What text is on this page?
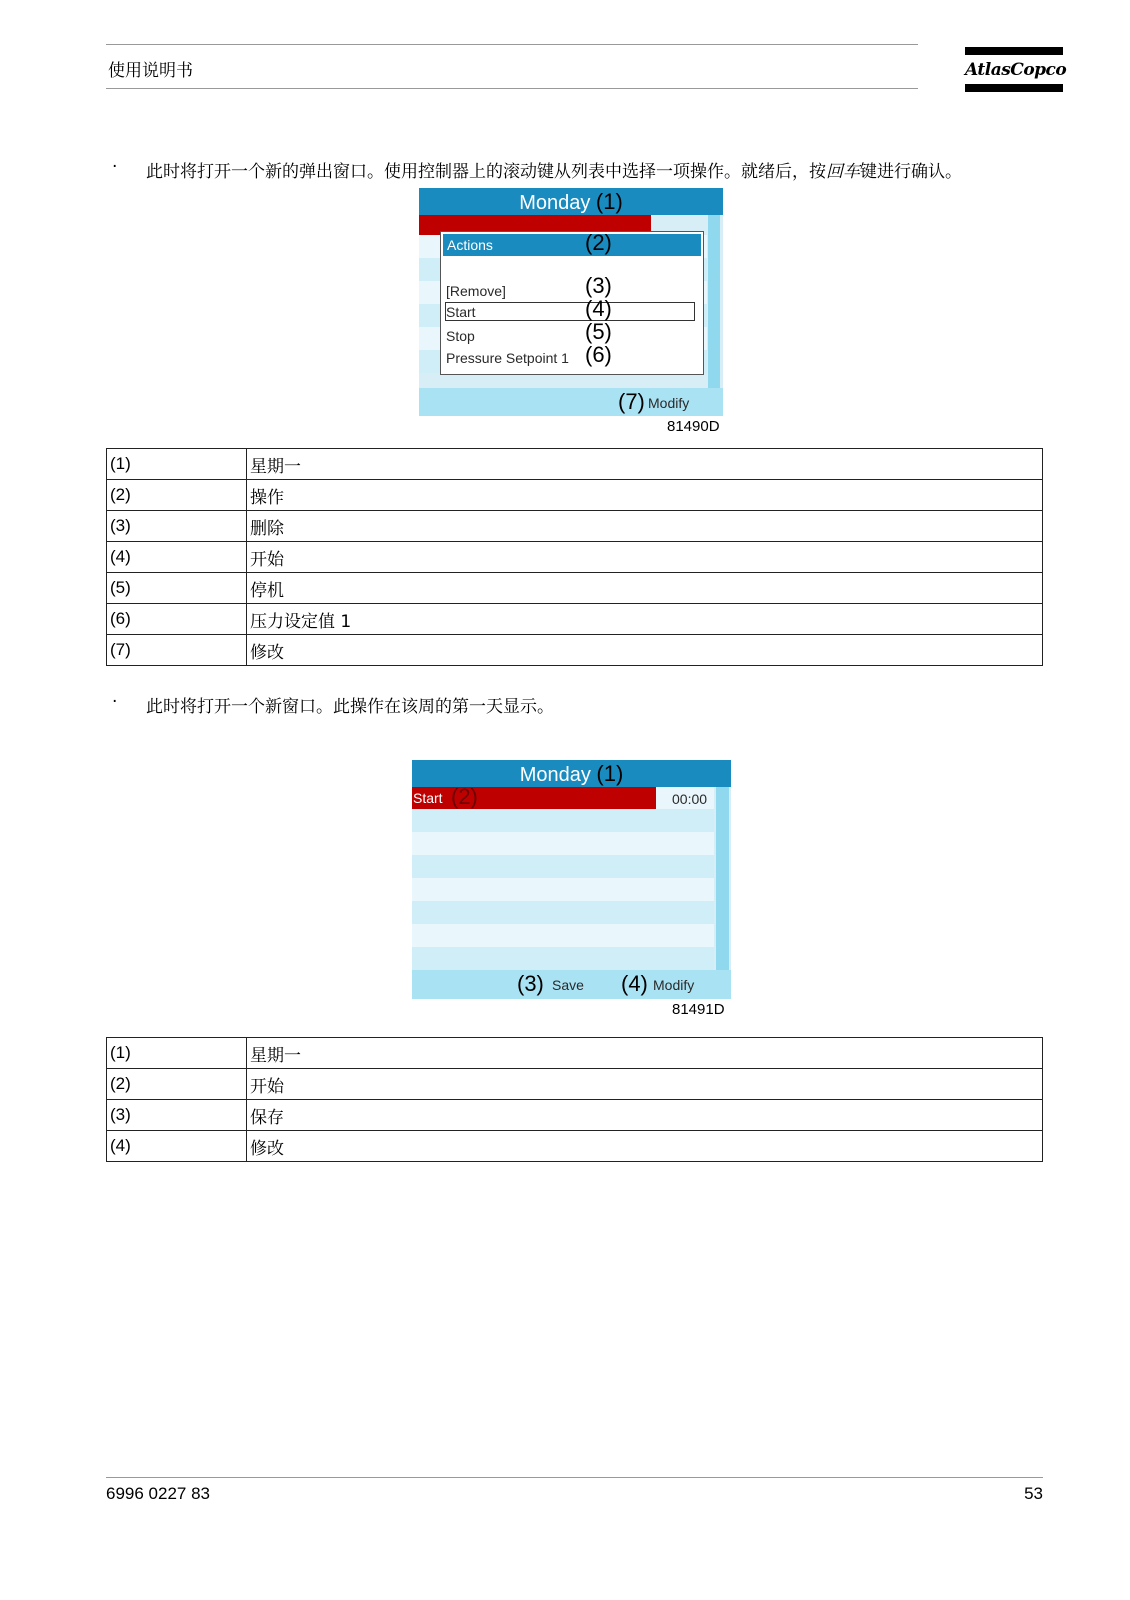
使用说明书	AtlasCopco
· 此时将打开一个新的弹出窗口。使用控制器上的滚动键从列表中选择一项操作。就绪后，按回车键进行确认。
Monday (1)
Actions	(2)
[Remove]	(3)
Start	(4)
Stop	(5)
Pressure Setpoint 1 (6)
(7) Modify
81490D
(1)	星期一
(2)	操作
(3)	删除
(4)	开始
(5)	停机
(6)	压力设定值 1
(7)	修改
· 此时将打开一个新窗口。此操作在该周的第一天显示。
Monday (1)
Start (2)	00:00
(3) Save (4) Modify
81491D
(1)	星期一
(2)	开始
(3)	保存
(4)	修改
6996 0227 83	53
